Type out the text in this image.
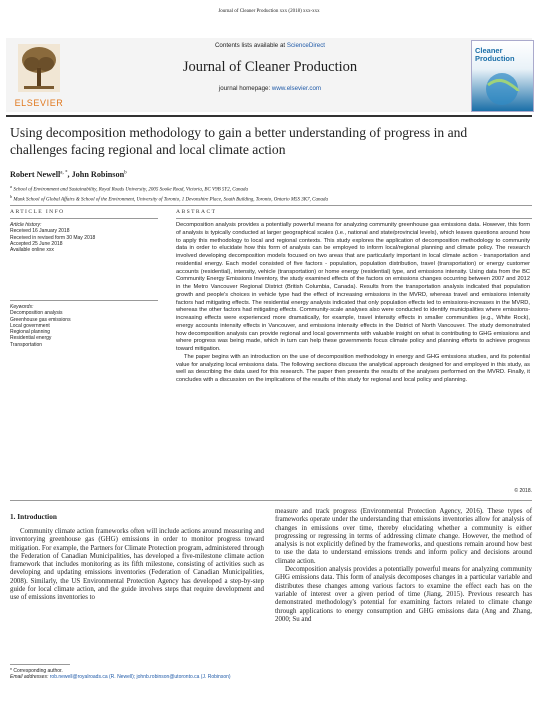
Journal of Cleaner Production xxx (2018) xxx-xxx
ELSEVIER
Contents lists available at ScienceDirect
Journal of Cleaner Production
journal homepage: www.elsevier.com
Cleaner Production
Using decomposition methodology to gain a better understanding of progress in and
challenges facing regional and local climate action
Robert Newell$^{a, *}$, John Robinson$^b$
$^a$ School of Environment and Sustainability, Royal Roads University, 2005 Sooke Road, Victoria, BC V9B 5Y2, Canada
$^b$ Munk School of Global Affairs & School of the Environment, University of Toronto, 1 Devonshire Place, South Building, Toronto, Ontario M5S 3K7, Canada
ARTICLE INFO
Article history:
Received 16 January 2018
Received in revised form 30 May 2018
Accepted 25 June 2018
Available online xxx
Keywords:
Decomposition analysis
Greenhouse gas emissions
Local government
Regional planning
Residential energy
Transportation
ABSTRACT

Decomposition analysis provides a potentially powerful means for analyzing community greenhouse gas emissions data. However, this form of analysis is typically conducted at larger geographical scales (i.e., national and state/provincial levels), which leaves questions around how to apply this methodology to local and regional contexts. This study explores the application of decomposition methodology to community data in order to elucidate how this form of analysis can be employed to inform local/regional planning and climate policy. The research involved developing decomposition models focused on two areas that are particularly important in local climate action - transportation and residential energy. Each model consisted of five factors - population, population distribution, travel (transportation) or energy customer accounts (residential), intensity, vehicle (transportation) or home energy (residential) type, and emissions intensity. Using data from the BC Community Energy Emissions Inventory, the study examined effects of the factors on emissions changes occurring between 2007 and 2012 in the Metro Vancouver Regional District (British Columbia, Canada). Results from the transportation analysis indicated that population growth and people's choices in vehicle type had the effect of increasing emissions in the MVRD, whereas travel and emissions intensity factors had mitigating effects. The residential energy analysis indicated that only population effects led to emissions-increases in the MVRD, whereas the other factors had mitigating effects. Community-scale analyses also were conducted to identify municipalities where emissions-increasing effects were experienced more dramatically, for example, travel intensity effects in smaller communities (e.g., White Rock), energy accounts intensity effects in Vancouver, and emissions intensity effects in the District of North Vancouver. The study demonstrated how decomposition analysis can provide regional and local governments with valuable insight on what is contributing to GHG emissions and where progress was being made, which in turn can help these governments focus climate policy and planning efforts to achieve progress toward mitigation.

The paper begins with an introduction on the use of decomposition methodology in energy and GHG emissions studies, and its potential value for analyzing local emissions data. The following sections discuss the analytical approach designed for and employed in this study, as well as describing the data used for this research. The paper then presents the results of the analyses performed on the MVRD. Finally, it concludes with a discussion on the implications of the results of this study for regional and local policy and planning.

© 2018.
1. Introduction

Community climate action frameworks often will include actions around measuring and inventorying greenhouse gas (GHG) emissions in order to monitor progress toward mitigation. For example, the Partners for Climate Protection program, administered through the Federation of Canadian Municipalities, has developed a five-milestone climate action framework that includes monitoring as its fifth milestone, consisting of activities such as developing and updating emissions inventories (Federation of Canadian Municipalities, 2008). Similarly, the US Environmental Protection Agency has developed a step-by-step guide for local climate action, and the guide involves steps that require development and use of emissions inventories to

measure and track progress (Environmental Protection Agency, 2016). These types of frameworks operate under the understanding that emissions inventories allow for analysis of changes in emissions over time, thereby elucidating whether a community is either progressing or regressing in terms of addressing climate change. However, the method of analysis is not explicitly defined by the frameworks, and questions remain around how best to use the data to understand emissions trends and inform policy and decisions around climate action.

Decomposition analysis provides a potentially powerful means for analyzing community GHG emissions data. This form of analysis decomposes changes in a particular variable and distributes these changes among various factors to examine the effect each has on the variable of interest over a given period of time (Jiang, 2015). Previous research has demonstrated methodology's potential for examining factors related to climate change through applications to energy consumption and GHG emissions data (Ang and Zhang, 2000; Su and

* Corresponding author.
Email addresses: rob.newell@royalroads.ca (R. Newell); johnb.robinson@utoronto.ca (J. Robinson)
